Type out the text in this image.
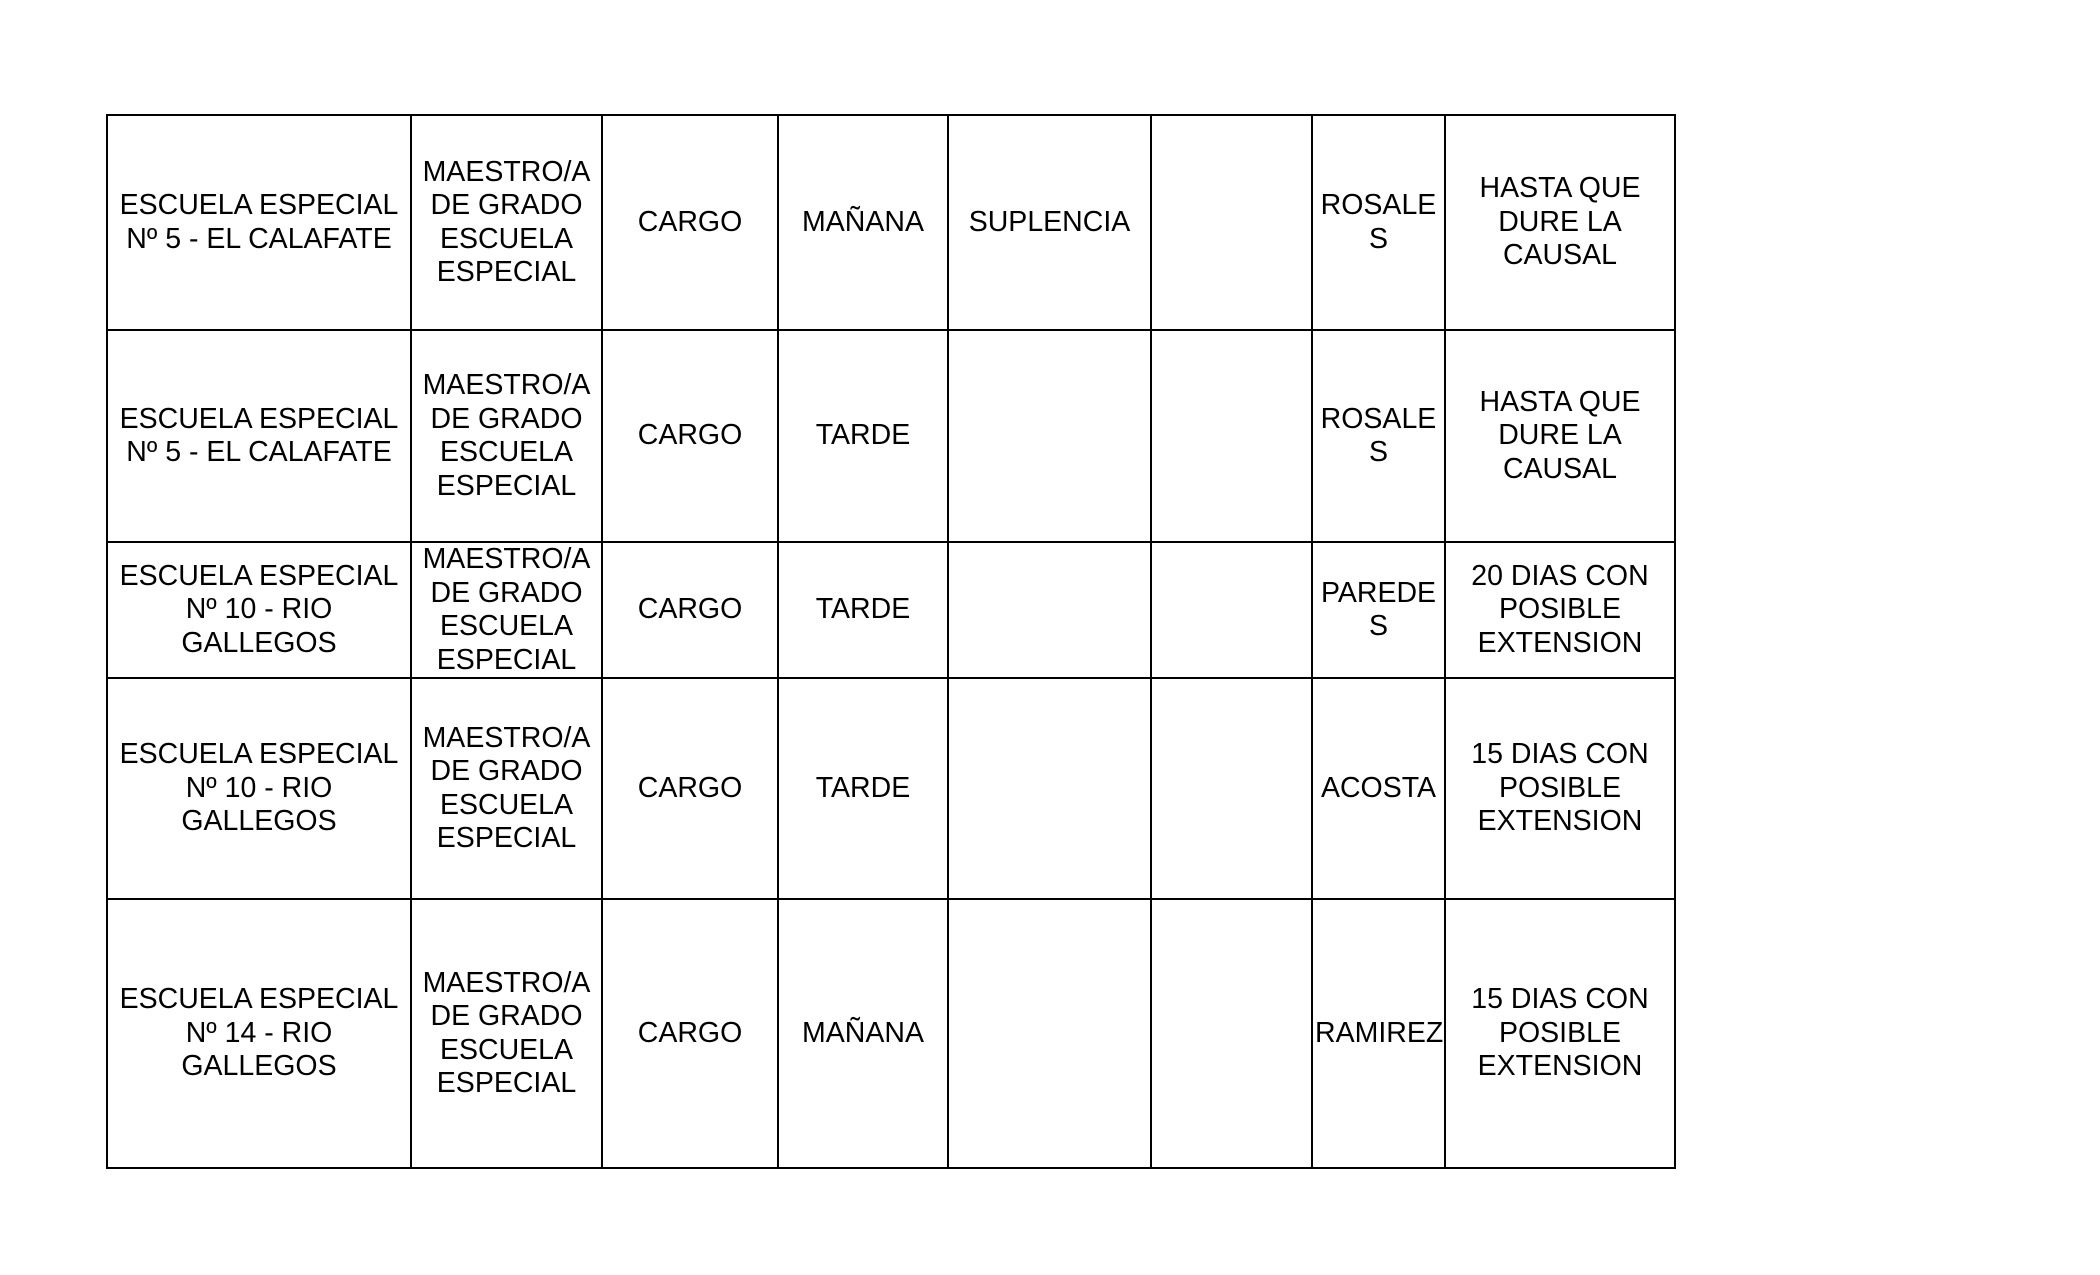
ESCUELA ESPECIAL
Nº 5 - EL CALAFATE	MAESTRO/A
DE GRADO
ESCUELA
ESPECIAL	CARGO	MAÑANA	SUPLENCIA		ROSALE
S	HASTA QUE
DURE LA
CAUSAL

ESCUELA ESPECIAL
Nº 5 - EL CALAFATE	MAESTRO/A
DE GRADO
ESCUELA
ESPECIAL	CARGO	TARDE			ROSALE
S	HASTA QUE
DURE LA
CAUSAL

ESCUELA ESPECIAL
Nº 10 - RIO
GALLEGOS	MAESTRO/A
DE GRADO
ESCUELA
ESPECIAL	CARGO	TARDE			PAREDE
S	20 DIAS CON
POSIBLE
EXTENSION

ESCUELA ESPECIAL
Nº 10 - RIO
GALLEGOS	MAESTRO/A
DE GRADO
ESCUELA
ESPECIAL	CARGO	TARDE			ACOSTA	15 DIAS CON
POSIBLE
EXTENSION

ESCUELA ESPECIAL
Nº 14 - RIO
GALLEGOS	MAESTRO/A
DE GRADO
ESCUELA
ESPECIAL	CARGO	MAÑANA			RAMIREZ	15 DIAS CON
POSIBLE
EXTENSION
